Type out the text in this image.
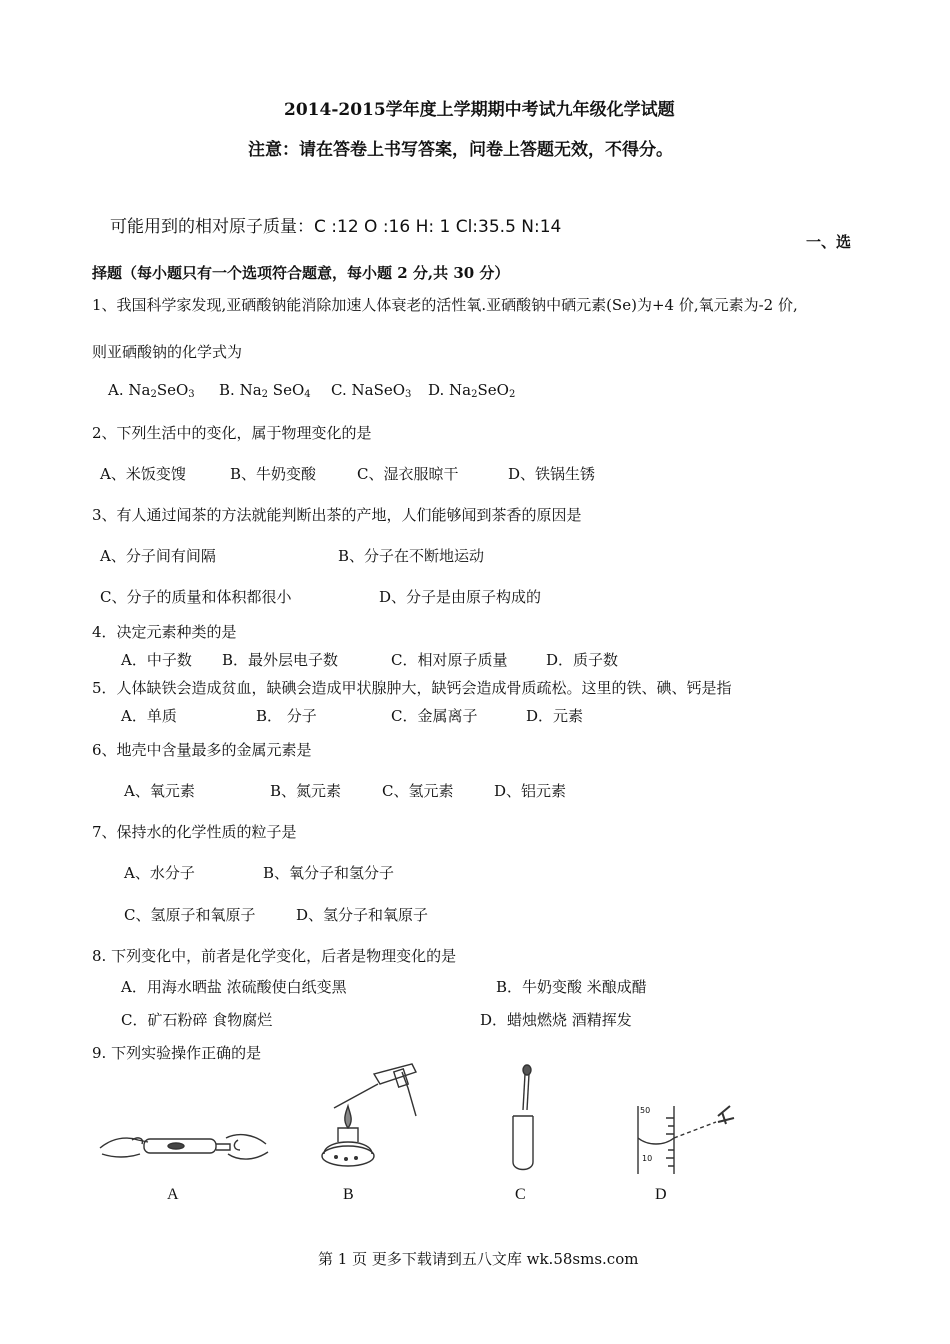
2014-2015学年度上学期期中考试九年级化学试题
注意：请在答卷上书写答案，问卷上答题无效，不得分。
可能用到的相对原子质量：C :12 O :16 H: 1 Cl:35.5 N:14
一、选
择题（每小题只有一个选项符合题意，每小题 2 分,共 30 分）
1、我国科学家发现,亚硒酸钠能消除加速人体衰老的活性氧.亚硒酸钠中硒元素(Se)为+4 价,氧元素为-2 价,
则亚硒酸钠的化学式为
A. $Na_2SeO_3$ B. $Na_2$ SeO$_4$ C. NaSeO$_3$ D. $Na_2SeO_2$
2、下列生活中的变化，属于物理变化的是
A、米饭变馊	B、牛奶变酸	C、湿衣服晾干	D、铁锅生锈
3、有人通过闻茶的方法就能判断出茶的产地，人们能够闻到茶香的原因是
A、分子间有间隔	B、分子在不断地运动
C、分子的质量和体积都很小	D、分子是由原子构成的
4．决定元素种类的是
A．中子数 B．最外层电子数	C．相对原子质量	D．质子数
5．人体缺铁会造成贫血，缺碘会造成甲状腺肿大，缺钙会造成骨质疏松。这里的铁、碘、钙是指
A．单质	B． 分子	C．金属离子	D．元素
6、地壳中含量最多的金属元素是
A、氧元素	B、氮元素	C、氢元素	D、铝元素
7、保持水的化学性质的粒子是
A、水分子	B、氧分子和氢分子
C、氢原子和氧原子	D、氢分子和氧原子
8. 下列变化中，前者是化学变化，后者是物理变化的是
A．用海水晒盐 浓硫酸使白纸变黑	B．牛奶变酸 米酿成醋
C．矿石粉碎 食物腐烂	D．蜡烛燃烧 酒精挥发
9. 下列实验操作正确的是
A	B	C
50
10
D
第 1 页 更多下载请到五八文库 wk.58sms.com
